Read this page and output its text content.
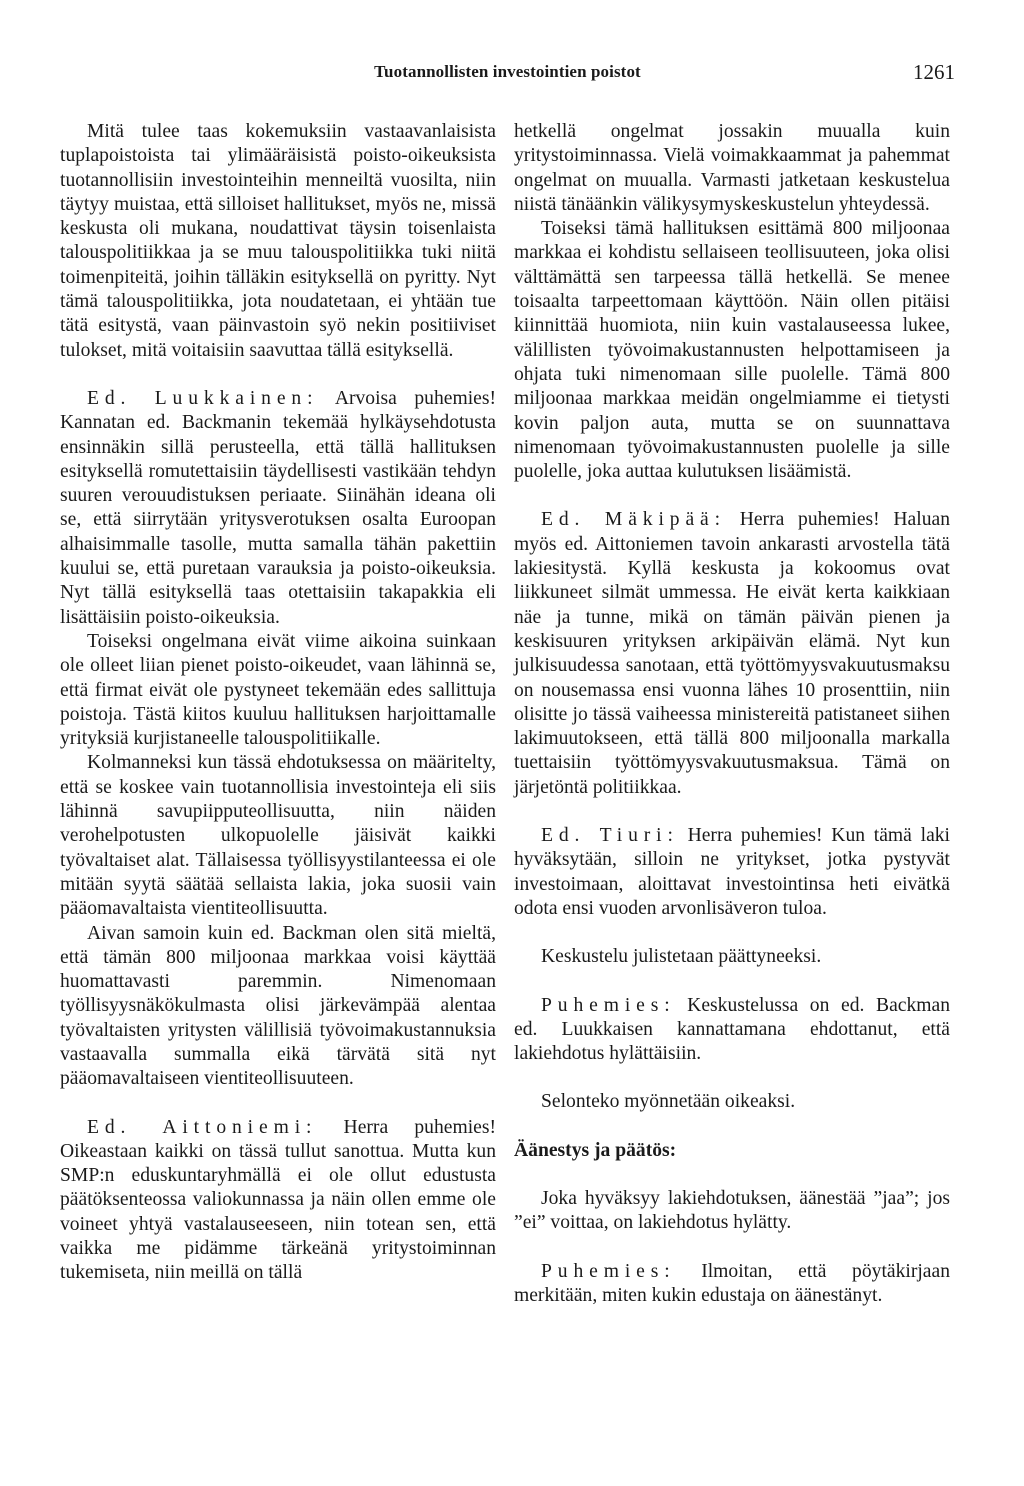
Tuotannollisten investointien poistot	1261

Mitä tulee taas kokemuksiin vastaavanlaisista tuplapoistoista tai ylimääräisistä poisto-oikeuksista tuotannollisiin investointeihin menneiltä vuosilta, niin täytyy muistaa, että silloiset hallitukset, myös ne, missä keskusta oli mukana, noudattivat täysin toisenlaista talouspolitiikkaa ja se muu talouspolitiikka tuki niitä toimenpiteitä, joihin tälläkin esityksellä on pyritty. Nyt tämä talouspolitiikka, jota noudatetaan, ei yhtään tue tätä esitystä, vaan päinvastoin syö nekin positiiviset tulokset, mitä voitaisiin saavuttaa tällä esityksellä.

Ed. Luukkainen: Arvoisa puhemies! Kannatan ed. Backmanin tekemää hylkäysehdotusta ensinnäkin sillä perusteella, että tällä hallituksen esityksellä romutettaisiin täydellisesti vastikään tehdyn suuren verouudistuksen periaate. Siinähän ideana oli se, että siirrytään yritysverotuksen osalta Euroopan alhaisimmalle tasolle, mutta samalla tähän pakettiin kuului se, että puretaan varauksia ja poisto-oikeuksia. Nyt tällä esityksellä taas otettaisiin takapakkia eli lisättäisiin poisto-oikeuksia.

Toiseksi ongelmana eivät viime aikoina suinkaan ole olleet liian pienet poisto-oikeudet, vaan lähinnä se, että firmat eivät ole pystyneet tekemään edes sallittuja poistoja. Tästä kiitos kuuluu hallituksen harjoittamalle yrityksiä kurjistaneelle talouspolitiikalle.

Kolmanneksi kun tässä ehdotuksessa on määritelty, että se koskee vain tuotannollisia investointeja eli siis lähinnä savupiipputeollisuutta, niin näiden verohelpotusten ulkopuolelle jäisivät kaikki työvaltaiset alat. Tällaisessa työllisyystilanteessa ei ole mitään syytä säätää sellaista lakia, joka suosii vain pääomavaltaista vientiteollisuutta.

Aivan samoin kuin ed. Backman olen sitä mieltä, että tämän 800 miljoonaa markkaa voisi käyttää huomattavasti paremmin. Nimenomaan työllisyysnäkökulmasta olisi järkevämpää alentaa työvaltaisten yritysten välillisiä työvoimakustannuksia vastaavalla summalla eikä tärvätä sitä nyt pääomavaltaiseen vientiteollisuuteen.

Ed. Aittoniemi: Herra puhemies! Oikeastaan kaikki on tässä tullut sanottua. Mutta kun SMP:n eduskuntaryhmällä ei ole ollut edustusta päätöksenteossa valiokunnassa ja näin ollen emme ole voineet yhtyä vastalauseeseen, niin totean sen, että vaikka me pidämme tärkeänä yritystoiminnan tukemiseta, niin meillä on tällä

hetkellä ongelmat jossakin muualla kuin yritystoiminnassa. Vielä voimakkaammat ja pahemmat ongelmat on muualla. Varmasti jatketaan keskustelua niistä tänäänkin välikysymyskeskustelun yhteydessä.

Toiseksi tämä hallituksen esittämä 800 miljoonaa markkaa ei kohdistu sellaiseen teollisuuteen, joka olisi välttämättä sen tarpeessa tällä hetkellä. Se menee toisaalta tarpeettomaan käyttöön. Näin ollen pitäisi kiinnittää huomiota, niin kuin vastalauseessa lukee, välillisten työvoimakustannusten helpottamiseen ja ohjata tuki nimenomaan sille puolelle. Tämä 800 miljoonaa markkaa meidän ongelmiamme ei tietysti kovin paljon auta, mutta se on suunnattava nimenomaan työvoimakustannusten puolelle ja sille puolelle, joka auttaa kulutuksen lisäämistä.

Ed. Mäkipää: Herra puhemies! Haluan myös ed. Aittoniemen tavoin ankarasti arvostella tätä lakiesitystä. Kyllä keskusta ja kokoomus ovat liikkuneet silmät ummessa. He eivät kerta kaikkiaan näe ja tunne, mikä on tämän päivän pienen ja keskisuuren yrityksen arkipäivän elämä. Nyt kun julkisuudessa sanotaan, että työttömyysvakuutusmaksu on nousemassa ensi vuonna lähes 10 prosenttiin, niin olisitte jo tässä vaiheessa ministereitä patistaneet siihen lakimuutokseen, että tällä 800 miljoonalla markalla tuettaisiin työttömyysvakuutusmaksua. Tämä on järjetöntä politiikkaa.

Ed. Tiuri: Herra puhemies! Kun tämä laki hyväksytään, silloin ne yritykset, jotka pystyvät investoimaan, aloittavat investointinsa heti eivätkä odota ensi vuoden arvonlisäveron tuloa.

Keskustelu julistetaan päättyneeksi.

Puhemies: Keskustelussa on ed. Backman ed. Luukkaisen kannattamana ehdottanut, että lakiehdotus hylättäisiin.

Selonteko myönnetään oikeaksi.

Äänestys ja päätös:

Joka hyväksyy lakiehdotuksen, äänestää ”jaa”; jos ”ei” voittaa, on lakiehdotus hylätty.

Puhemies: Ilmoitan, että pöytäkirjaan merkitään, miten kukin edustaja on äänestänyt.
